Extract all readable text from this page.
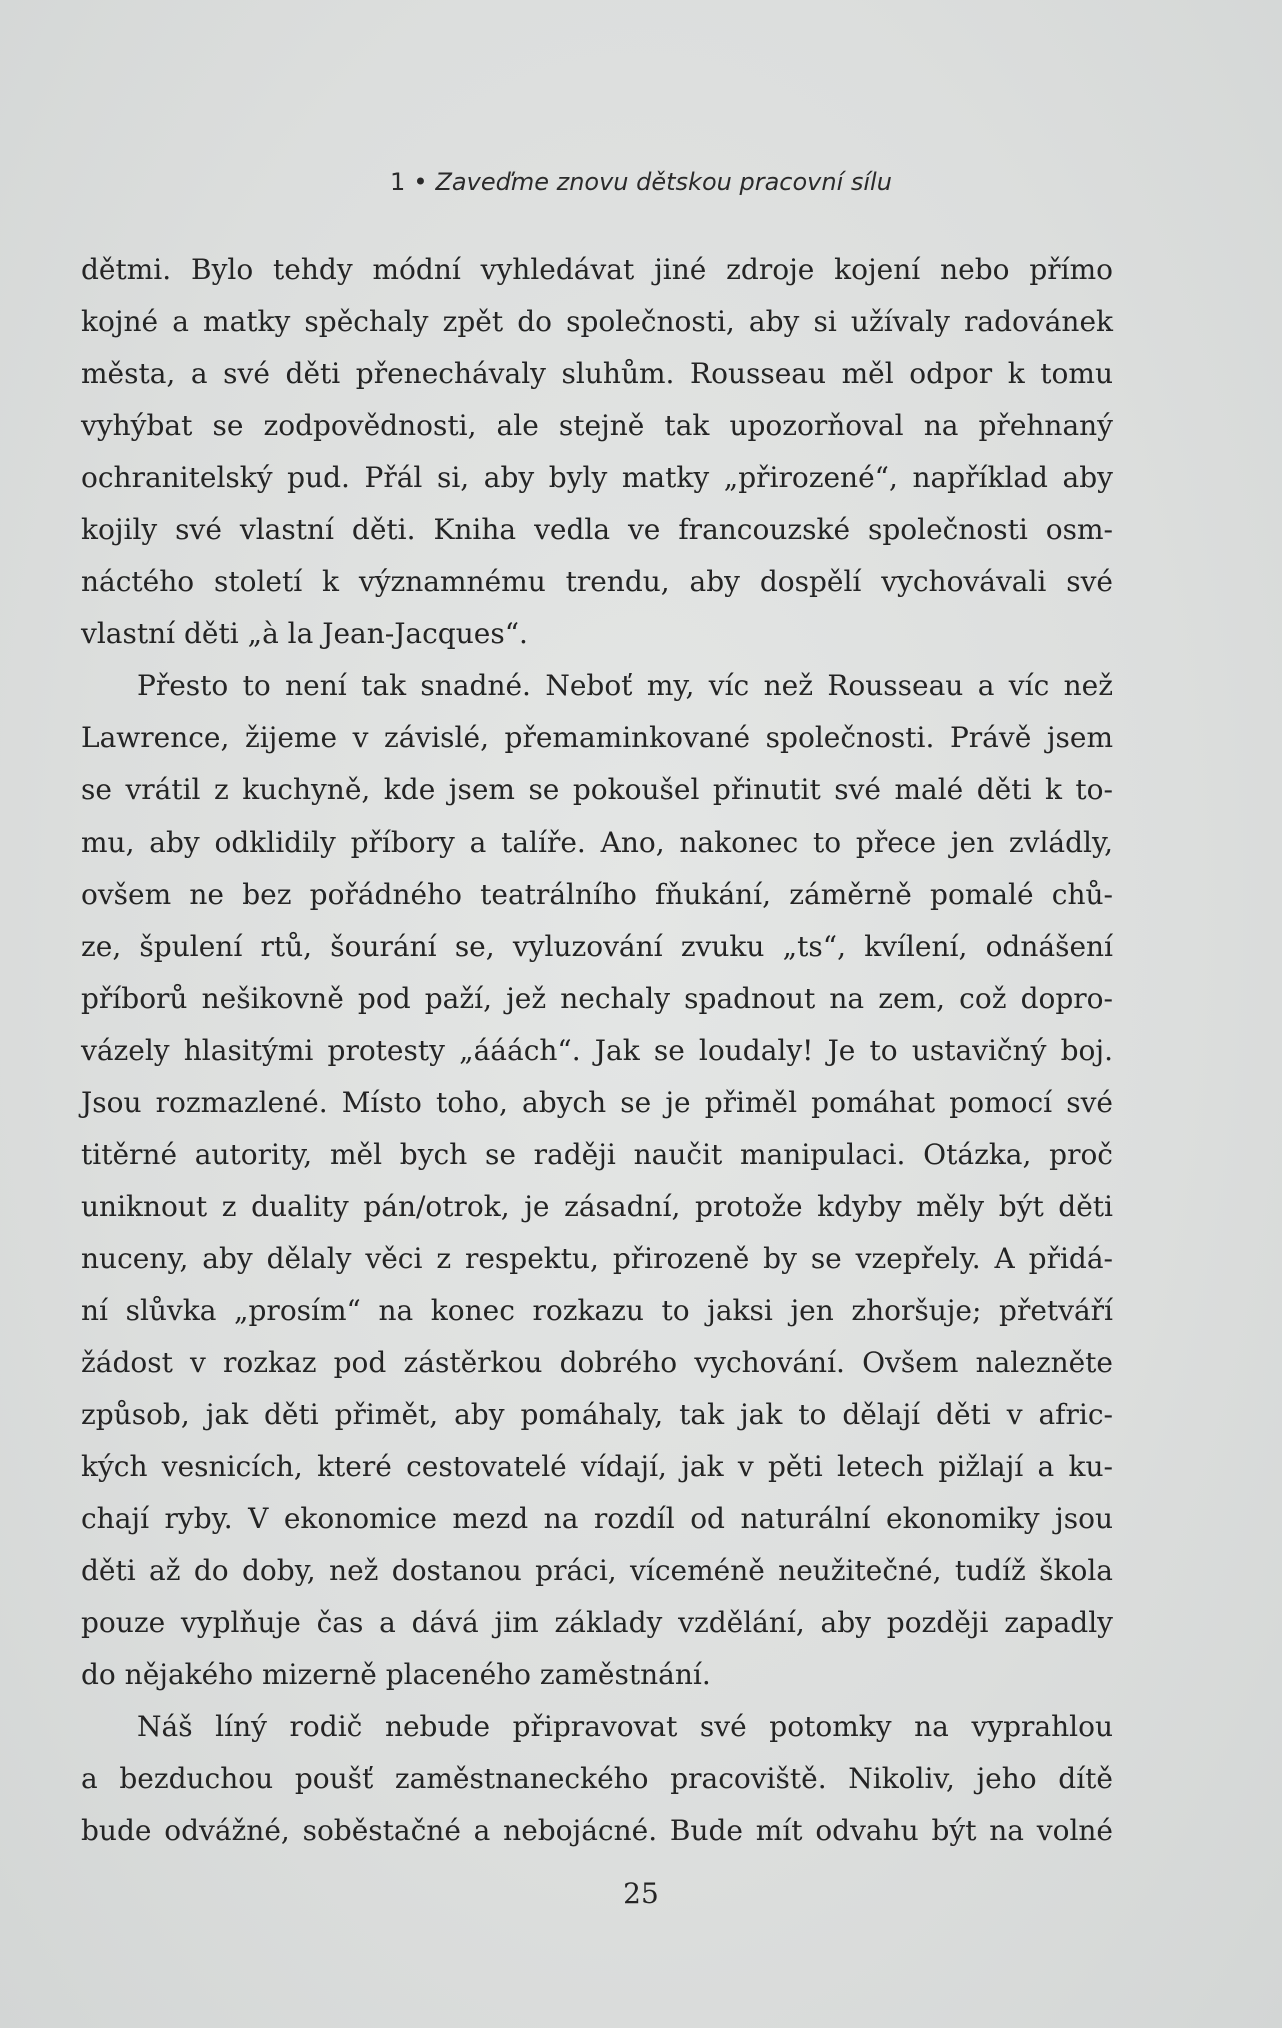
1 • Zaveďme znovu dětskou pracovní sílu
dětmi. Bylo tehdy módní vyhledávat jiné zdroje kojení nebo přímo
kojné a matky spěchaly zpět do společnosti, aby si užívaly radovánek
města, a své děti přenechávaly sluhům. Rousseau měl odpor k tomu
vyhýbat se zodpovědnosti, ale stejně tak upozorňoval na přehnaný
ochranitelský pud. Přál si, aby byly matky „přirozené“, například aby
kojily své vlastní děti. Kniha vedla ve francouzské společnosti osm-
náctého století k významnému trendu, aby dospělí vychovávali své
vlastní děti „à la Jean-Jacques“.
Přesto to není tak snadné. Neboť my, víc než Rousseau a víc než
Lawrence, žijeme v závislé, přemaminkované společnosti. Právě jsem
se vrátil z kuchyně, kde jsem se pokoušel přinutit své malé děti k to-
mu, aby odklidily příbory a talíře. Ano, nakonec to přece jen zvládly,
ovšem ne bez pořádného teatrálního fňukání, záměrně pomalé chů-
ze, špulení rtů, šourání se, vyluzování zvuku „ts“, kvílení, odnášení
příborů nešikovně pod paží, jež nechaly spadnout na zem, což dopro-
vázely hlasitými protesty „ááách“. Jak se loudaly! Je to ustavičný boj.
Jsou rozmazlené. Místo toho, abych se je přiměl pomáhat pomocí své
titěrné autority, měl bych se raději naučit manipulaci. Otázka, proč
uniknout z duality pán/otrok, je zásadní, protože kdyby měly být děti
nuceny, aby dělaly věci z respektu, přirozeně by se vzepřely. A přidá-
ní slůvka „prosím“ na konec rozkazu to jaksi jen zhoršuje; přetváří
žádost v rozkaz pod zástěrkou dobrého vychování. Ovšem nalezněte
způsob, jak děti přimět, aby pomáhaly, tak jak to dělají děti v afric-
kých vesnicích, které cestovatelé vídají, jak v pěti letech pižlají a ku-
chají ryby. V ekonomice mezd na rozdíl od naturální ekonomiky jsou
děti až do doby, než dostanou práci, víceméně neužitečné, tudíž škola
pouze vyplňuje čas a dává jim základy vzdělání, aby později zapadly
do nějakého mizerně placeného zaměstnání.
Náš líný rodič nebude připravovat své potomky na vyprahlou
a bezduchou poušť zaměstnaneckého pracoviště. Nikoliv, jeho dítě
bude odvážné, soběstačné a nebojácné. Bude mít odvahu být na volné
25
